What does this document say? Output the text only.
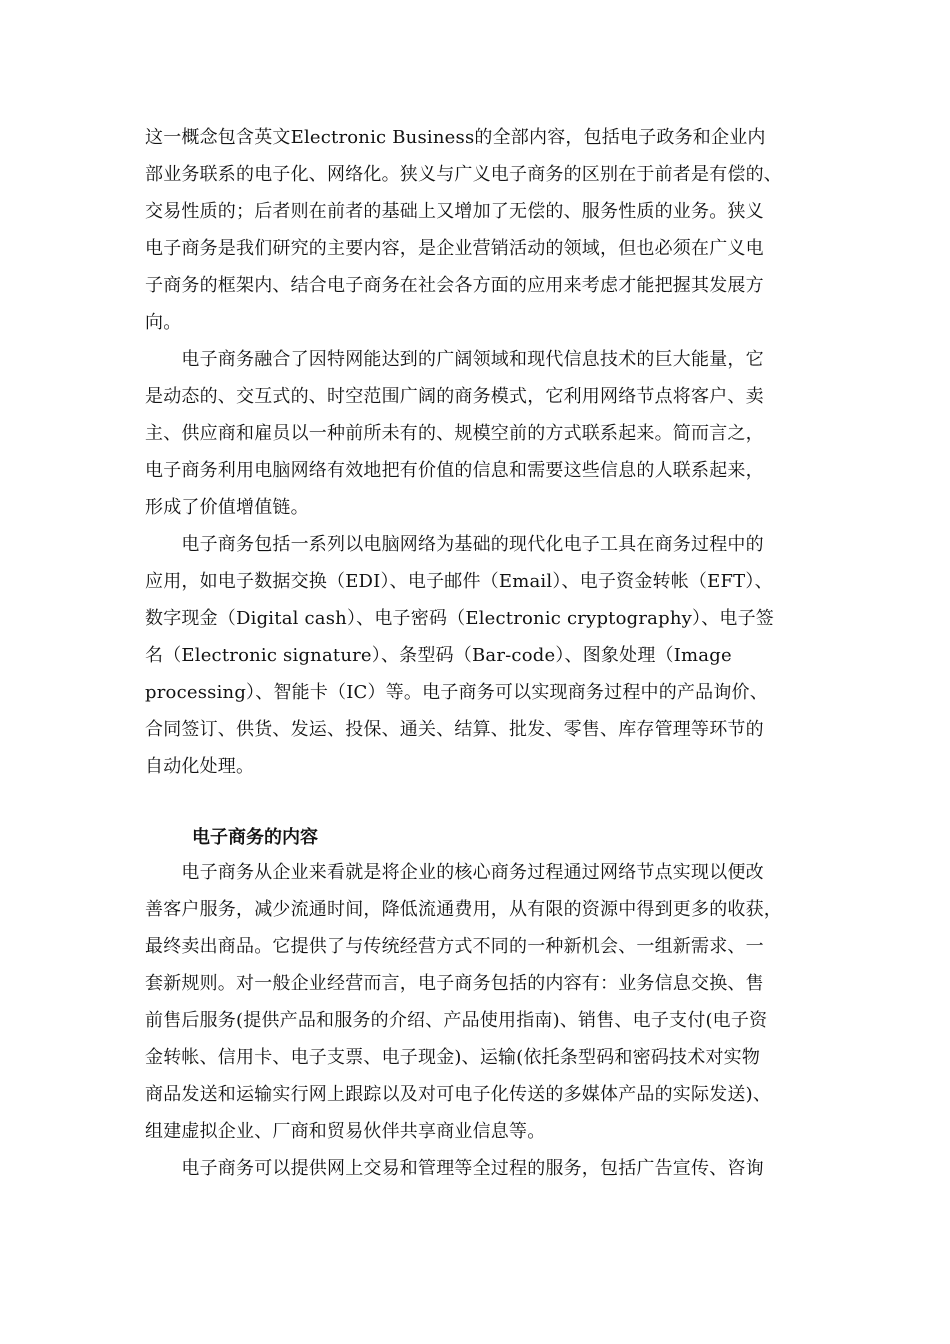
这一概念包含英文Electronic Business的全部内容，包括电子政务和企业内
部业务联系的电子化、网络化。狭义与广义电子商务的区别在于前者是有偿的、
交易性质的；后者则在前者的基础上又增加了无偿的、服务性质的业务。狭义
电子商务是我们研究的主要内容，是企业营销活动的领域，但也必须在广义电
子商务的框架内、结合电子商务在社会各方面的应用来考虑才能把握其发展方
向。
　　电子商务融合了因特网能达到的广阔领域和现代信息技术的巨大能量，它
是动态的、交互式的、时空范围广阔的商务模式，它利用网络节点将客户、卖
主、供应商和雇员以一种前所未有的、规模空前的方式联系起来。简而言之，
电子商务利用电脑网络有效地把有价值的信息和需要这些信息的人联系起来，
形成了价值增值链。
　　电子商务包括一系列以电脑网络为基础的现代化电子工具在商务过程中的
应用，如电子数据交换（EDI）、电子邮件（Email）、电子资金转帐（EFT）、
数字现金（Digital cash）、电子密码（Electronic cryptography）、电子签
名（Electronic signature）、条型码（Bar-code）、图象处理（Image
processing）、智能卡（IC）等。电子商务可以实现商务过程中的产品询价、
合同签订、供货、发运、投保、通关、结算、批发、零售、库存管理等环节的
自动化处理。
电子商务的内容
　　电子商务从企业来看就是将企业的核心商务过程通过网络节点实现以便改
善客户服务，减少流通时间，降低流通费用，从有限的资源中得到更多的收获，
最终卖出商品。它提供了与传统经营方式不同的一种新机会、一组新需求、一
套新规则。对一般企业经营而言，电子商务包括的内容有：业务信息交换、售
前售后服务(提供产品和服务的介绍、产品使用指南)、销售、电子支付(电子资
金转帐、信用卡、电子支票、电子现金)、运输(依托条型码和密码技术对实物
商品发送和运输实行网上跟踪以及对可电子化传送的多媒体产品的实际发送)、
组建虚拟企业、厂商和贸易伙伴共享商业信息等。
　　电子商务可以提供网上交易和管理等全过程的服务，包括广告宣传、咨询
